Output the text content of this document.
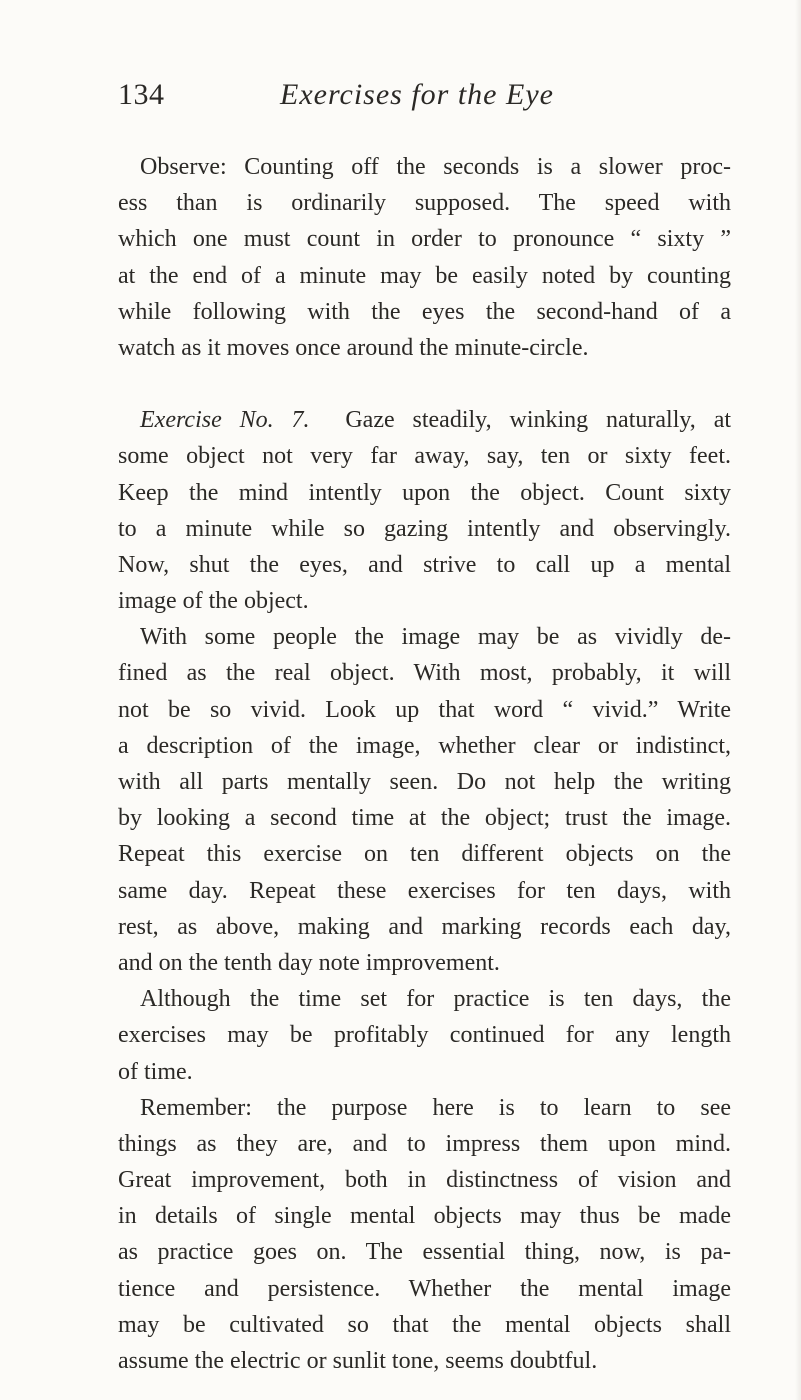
134	Exercises for the Eye
Observe: Counting off the seconds is a slower proc-
ess than is ordinarily supposed. The speed with
which one must count in order to pronounce “ sixty ”
at the end of a minute may be easily noted by counting
while following with the eyes the second-hand of a
watch as it moves once around the minute-circle.
Exercise No. 7. Gaze steadily, winking naturally, at
some object not very far away, say, ten or sixty feet.
Keep the mind intently upon the object. Count sixty
to a minute while so gazing intently and observingly.
Now, shut the eyes, and strive to call up a mental
image of the object.
With some people the image may be as vividly de-
fined as the real object. With most, probably, it will
not be so vivid. Look up that word “ vivid.” Write
a description of the image, whether clear or indistinct,
with all parts mentally seen. Do not help the writing
by looking a second time at the object; trust the image.
Repeat this exercise on ten different objects on the
same day. Repeat these exercises for ten days, with
rest, as above, making and marking records each day,
and on the tenth day note improvement.
Although the time set for practice is ten days, the
exercises may be profitably continued for any length
of time.
Remember: the purpose here is to learn to see
things as they are, and to impress them upon mind.
Great improvement, both in distinctness of vision and
in details of single mental objects may thus be made
as practice goes on. The essential thing, now, is pa-
tience and persistence. Whether the mental image
may be cultivated so that the mental objects shall
assume the electric or sunlit tone, seems doubtful.
